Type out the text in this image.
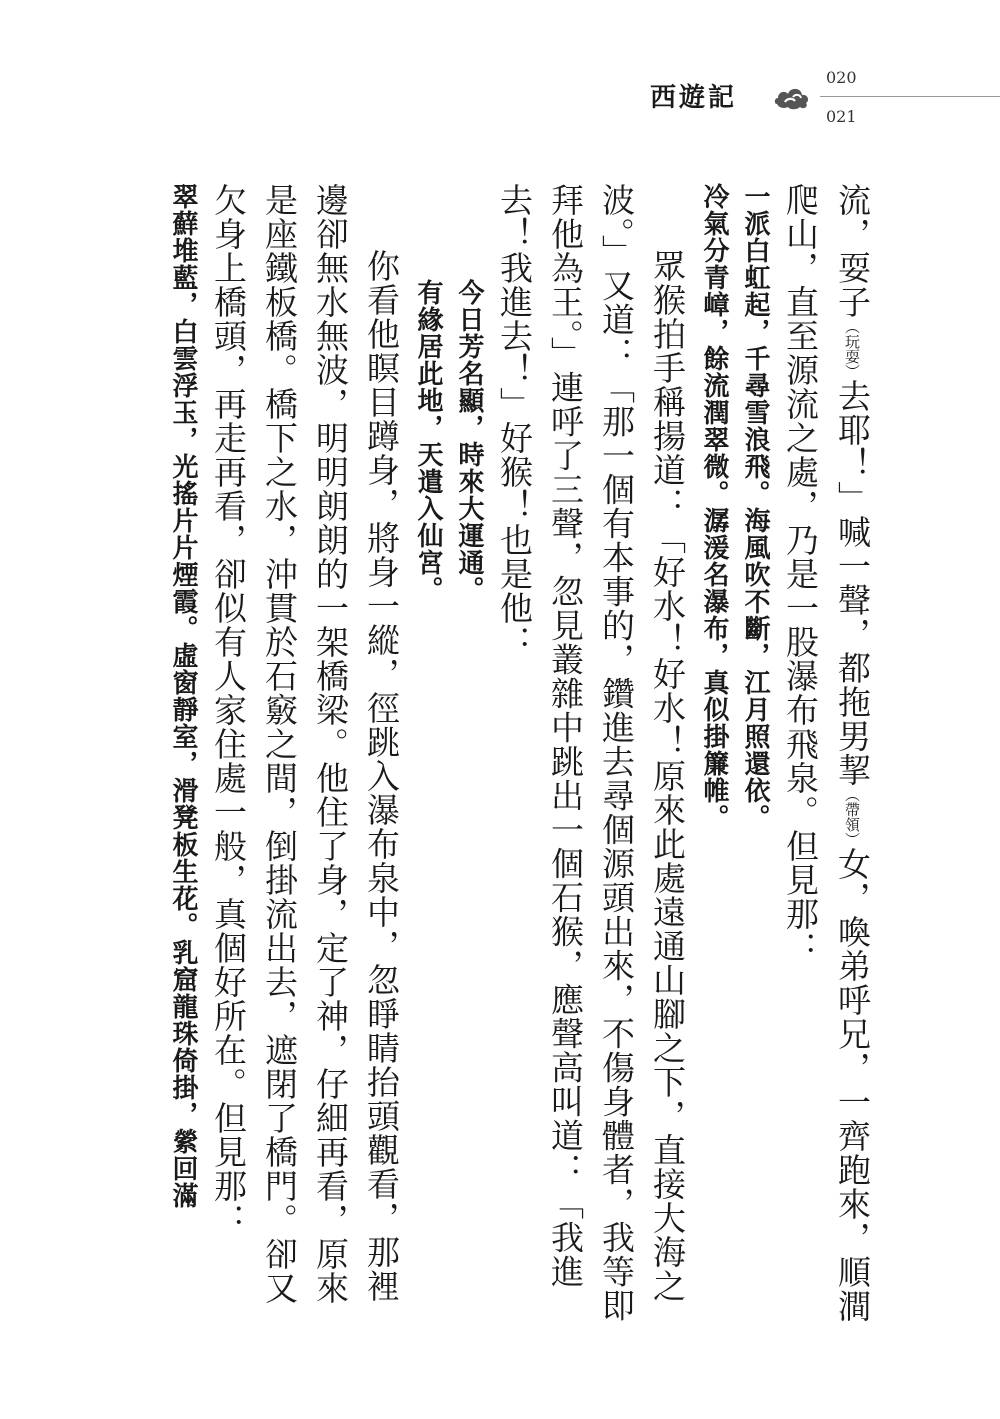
西遊記
020
021

流，耍子（玩耍）去耶！」喊一聲，都拖男挈（帶領）女，喚弟呼兄，一齊跑來，順澗爬山，直至源流之處，乃是一股瀑布飛泉。但見那：

一派白虹起，千尋雪浪飛。海風吹不斷，江月照還依。

冷氣分青嶂，餘流潤翠微。潺湲名瀑布，真似掛簾帷。

眾猴拍手稱揚道：「好水！好水！原來此處遠通山腳之下，直接大海之波。」又道：「那一個有本事的，鑽進去尋個源頭出來，不傷身體者，我等即拜他為王。」連呼了三聲，忽見叢雜中跳出一個石猴，應聲高叫道：「我進去！我進去！」好猴！也是他：

今日芳名顯，時來大運通。

有緣居此地，天遣入仙宮。

你看他瞑目蹲身，將身一縱，徑跳入瀑布泉中，忽睜睛抬頭觀看，那裡邊卻無水無波，明明朗朗的一架橋梁。他住了身，定了神，仔細再看，原來是座鐵板橋。橋下之水，沖貫於石竅之間，倒掛流出去，遮閉了橋門。卻又欠身上橋頭，再走再看，卻似有人家住處一般，真個好所在。但見那：

翠蘚堆藍，白雲浮玉，光搖片片煙霞。虛窗靜室，滑凳板生花。乳窟龍珠倚掛，縈回滿
